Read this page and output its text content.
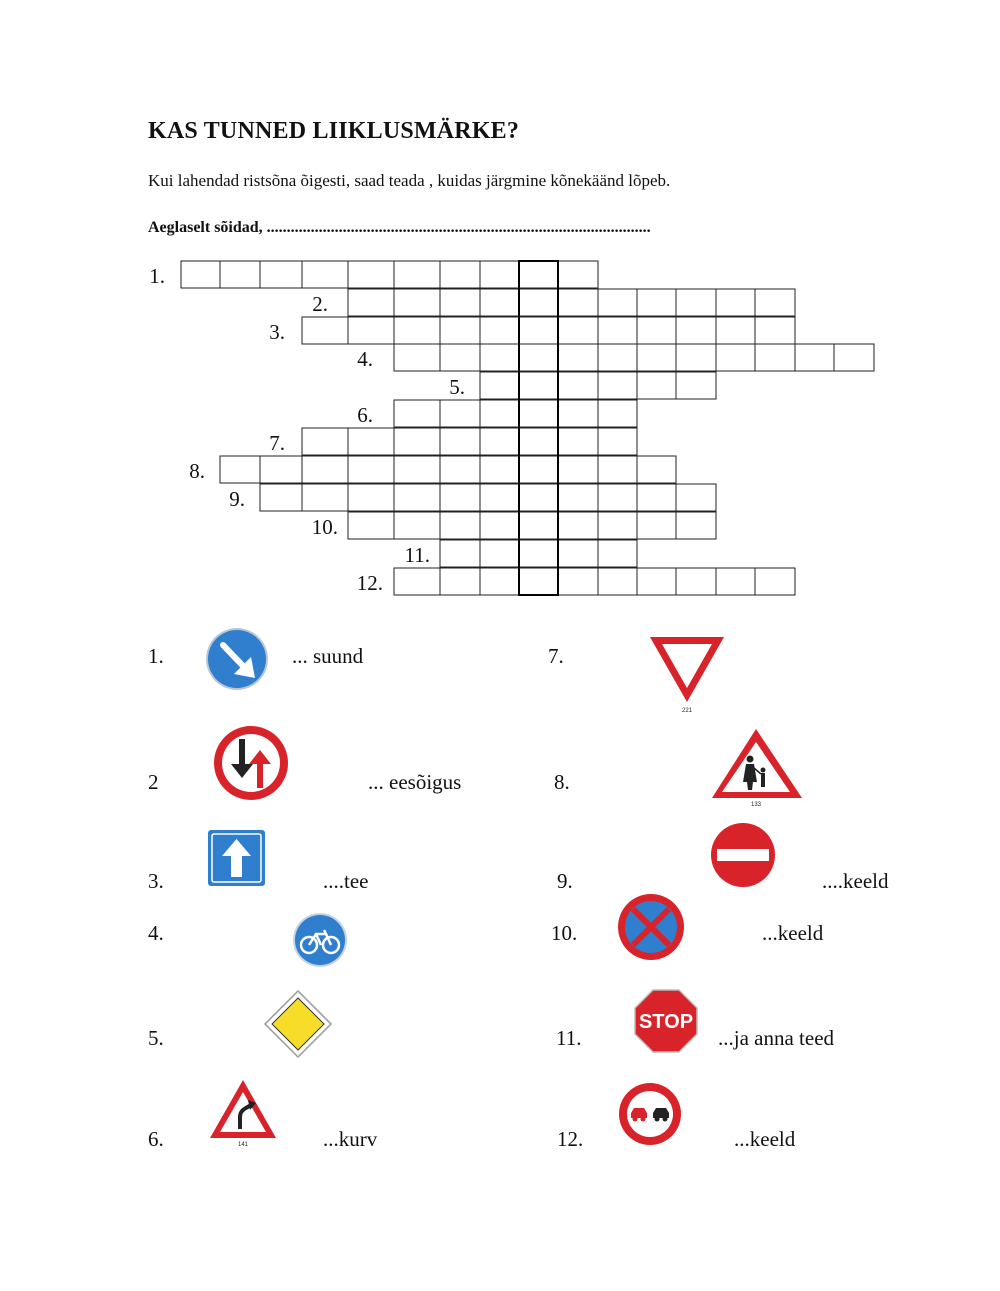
KAS TUNNED LIIKLUSMÄRKE?
Kui lahendad ristsõna õigesti, saad teada , kuidas järgmine kõnekäänd lõpeb.
Aeglaselt sõidad, ................................................................................................
1.
2.
3.
4.
5.
6.
7.
8.
9.
10.
11.
12.
1.	... suund
2	... eesõigus
3.	....tee
4.
5.
6.	...kurv
7.
8.
9.	....keeld
10.	...keeld
11.	...ja anna teed
12.	...keeld
141
221
133
STOP
